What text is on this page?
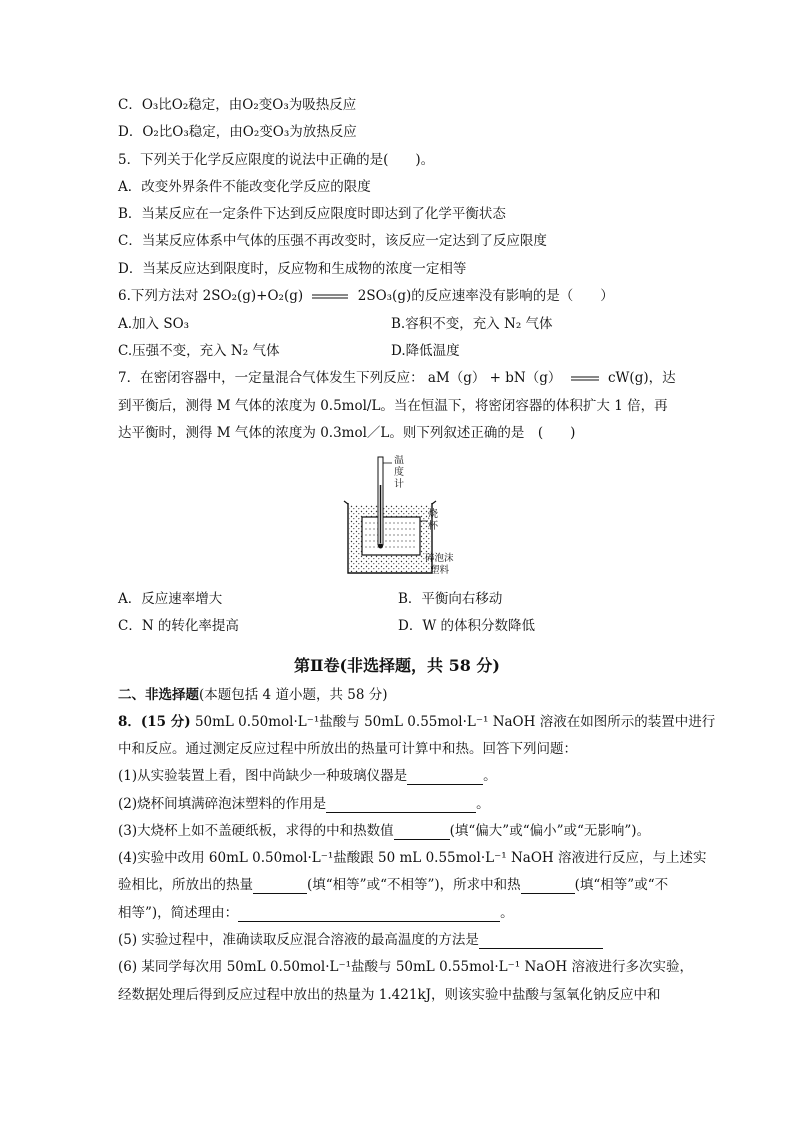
C．O₃比O₂稳定，由O₂变O₃为吸热反应
D．O₂比O₃稳定，由O₂变O₃为放热反应
5．下列关于化学反应限度的说法中正确的是(　　)。
A．改变外界条件不能改变化学反应的限度
B．当某反应在一定条件下达到反应限度时即达到了化学平衡状态
C．当某反应体系中气体的压强不再改变时，该反应一定达到了反应限度
D．当某反应达到限度时，反应物和生成物的浓度一定相等
6.下列方法对 2SO₂(g)+O₂(g)	2SO₃(g)的反应速率没有影响的是（　　）
A.加入 SO₃	B.容积不变，充入 N₂ 气体
C.压强不变，充入 N₂ 气体	D.降低温度
7．在密闭容器中，一定量混合气体发生下列反应： aM（g） + bN（g）	cW(g)，达
到平衡后，测得 M 气体的浓度为 0.5mol/L。当在恒温下，将密闭容器的体积扩大 1 倍，再
达平衡时，测得 M 气体的浓度为 0.3mol／L。则下列叙述正确的是　(　　)
温
度
计
烧
杯
碎泡沫
塑料
A．反应速率增大	B．平衡向右移动
C．N 的转化率提高	D．W 的体积分数降低
第Ⅱ卷(非选择题，共 58 分)
二、非选择题(本题包括 4 道小题，共 58 分)
8．(15 分) 50mL 0.50mol·L⁻¹盐酸与 50mL 0.55mol·L⁻¹ NaOH 溶液在如图所示的装置中进行
中和反应。通过测定反应过程中所放出的热量可计算中和热。回答下列问题：
(1)从实验装置上看，图中尚缺少一种玻璃仪器是	。
(2)烧杯间填满碎泡沫塑料的作用是	。
(3)大烧杯上如不盖硬纸板，求得的中和热数值	(填“偏大”或“偏小”或“无影响”)。
(4)实验中改用 60mL 0.50mol·L⁻¹盐酸跟 50 mL 0.55mol·L⁻¹ NaOH 溶液进行反应，与上述实
验相比，所放出的热量	(填“相等”或“不相等”)，所求中和热	(填“相等”或“不
相等”)，简述理由：	。
(5) 实验过程中，准确读取反应混合溶液的最高温度的方法是
(6) 某同学每次用 50mL 0.50mol·L⁻¹盐酸与 50mL 0.55mol·L⁻¹ NaOH 溶液进行多次实验，
经数据处理后得到反应过程中放出的热量为 1.421kJ，则该实验中盐酸与氢氧化钠反应中和
